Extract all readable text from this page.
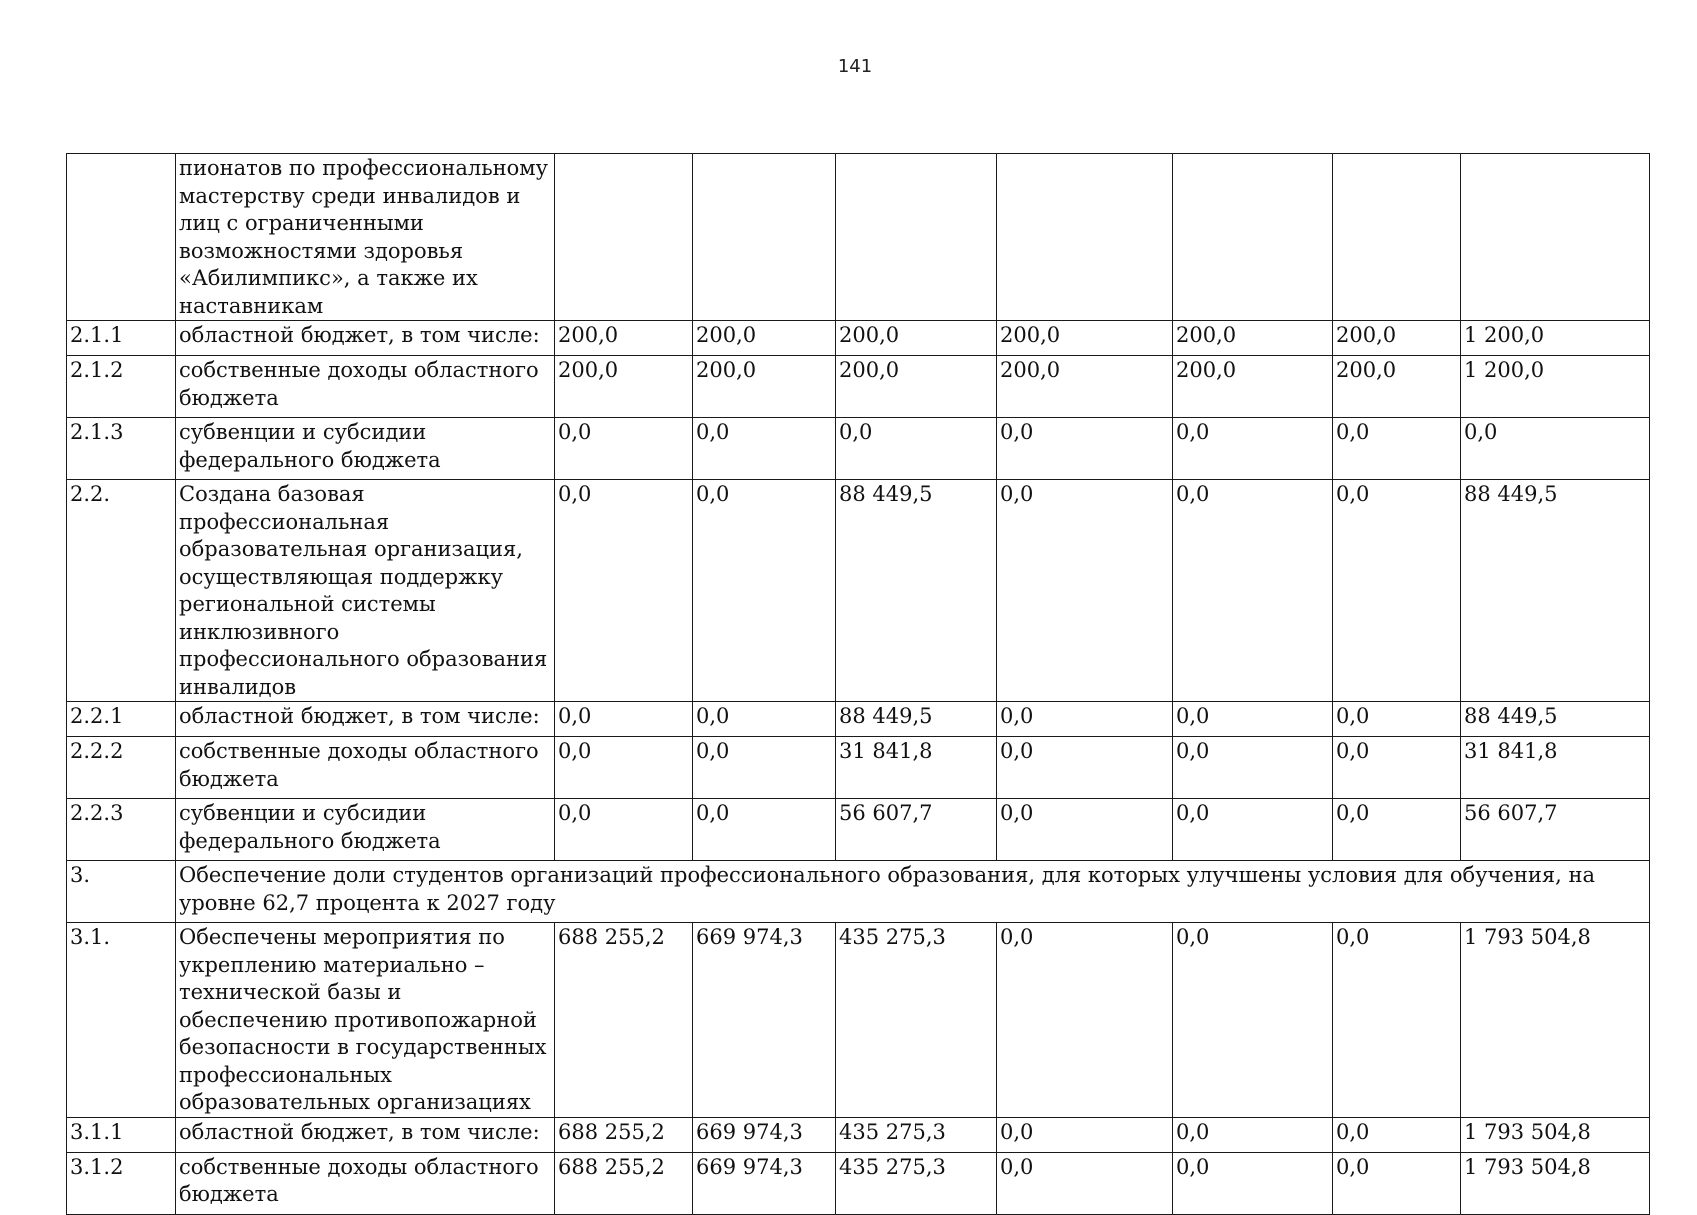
141
	пионатов по профессиональному мастерству среди инвалидов и лиц с ограниченными возможностями здоровья «Абилимпикс», а также их наставникам							
2.1.1	областной бюджет, в том числе:	200,0	200,0	200,0	200,0	200,0	200,0	1 200,0
2.1.2	собственные доходы областного бюджета	200,0	200,0	200,0	200,0	200,0	200,0	1 200,0
2.1.3	субвенции и субсидии федерального бюджета	0,0	0,0	0,0	0,0	0,0	0,0	0,0
2.2.	Создана базовая профессиональная образовательная организация, осуществляющая поддержку региональной системы инклюзивного профессионального образования инвалидов	0,0	0,0	88 449,5	0,0	0,0	0,0	88 449,5
2.2.1	областной бюджет, в том числе:	0,0	0,0	88 449,5	0,0	0,0	0,0	88 449,5
2.2.2	собственные доходы областного бюджета	0,0	0,0	31 841,8	0,0	0,0	0,0	31 841,8
2.2.3	субвенции и субсидии федерального бюджета	0,0	0,0	56 607,7	0,0	0,0	0,0	56 607,7
3.	Обеспечение доли студентов организаций профессионального образования, для которых улучшены условия для обучения, на уровне 62,7 процента к 2027 году							
3.1.	Обеспечены мероприятия по укреплению материально – технической базы и обеспечению противопожарной безопасности в государственных профессиональных образовательных организациях	688 255,2	669 974,3	435 275,3	0,0	0,0	0,0	1 793 504,8
3.1.1	областной бюджет, в том числе:	688 255,2	669 974,3	435 275,3	0,0	0,0	0,0	1 793 504,8
3.1.2	собственные доходы областного бюджета	688 255,2	669 974,3	435 275,3	0,0	0,0	0,0	1 793 504,8
